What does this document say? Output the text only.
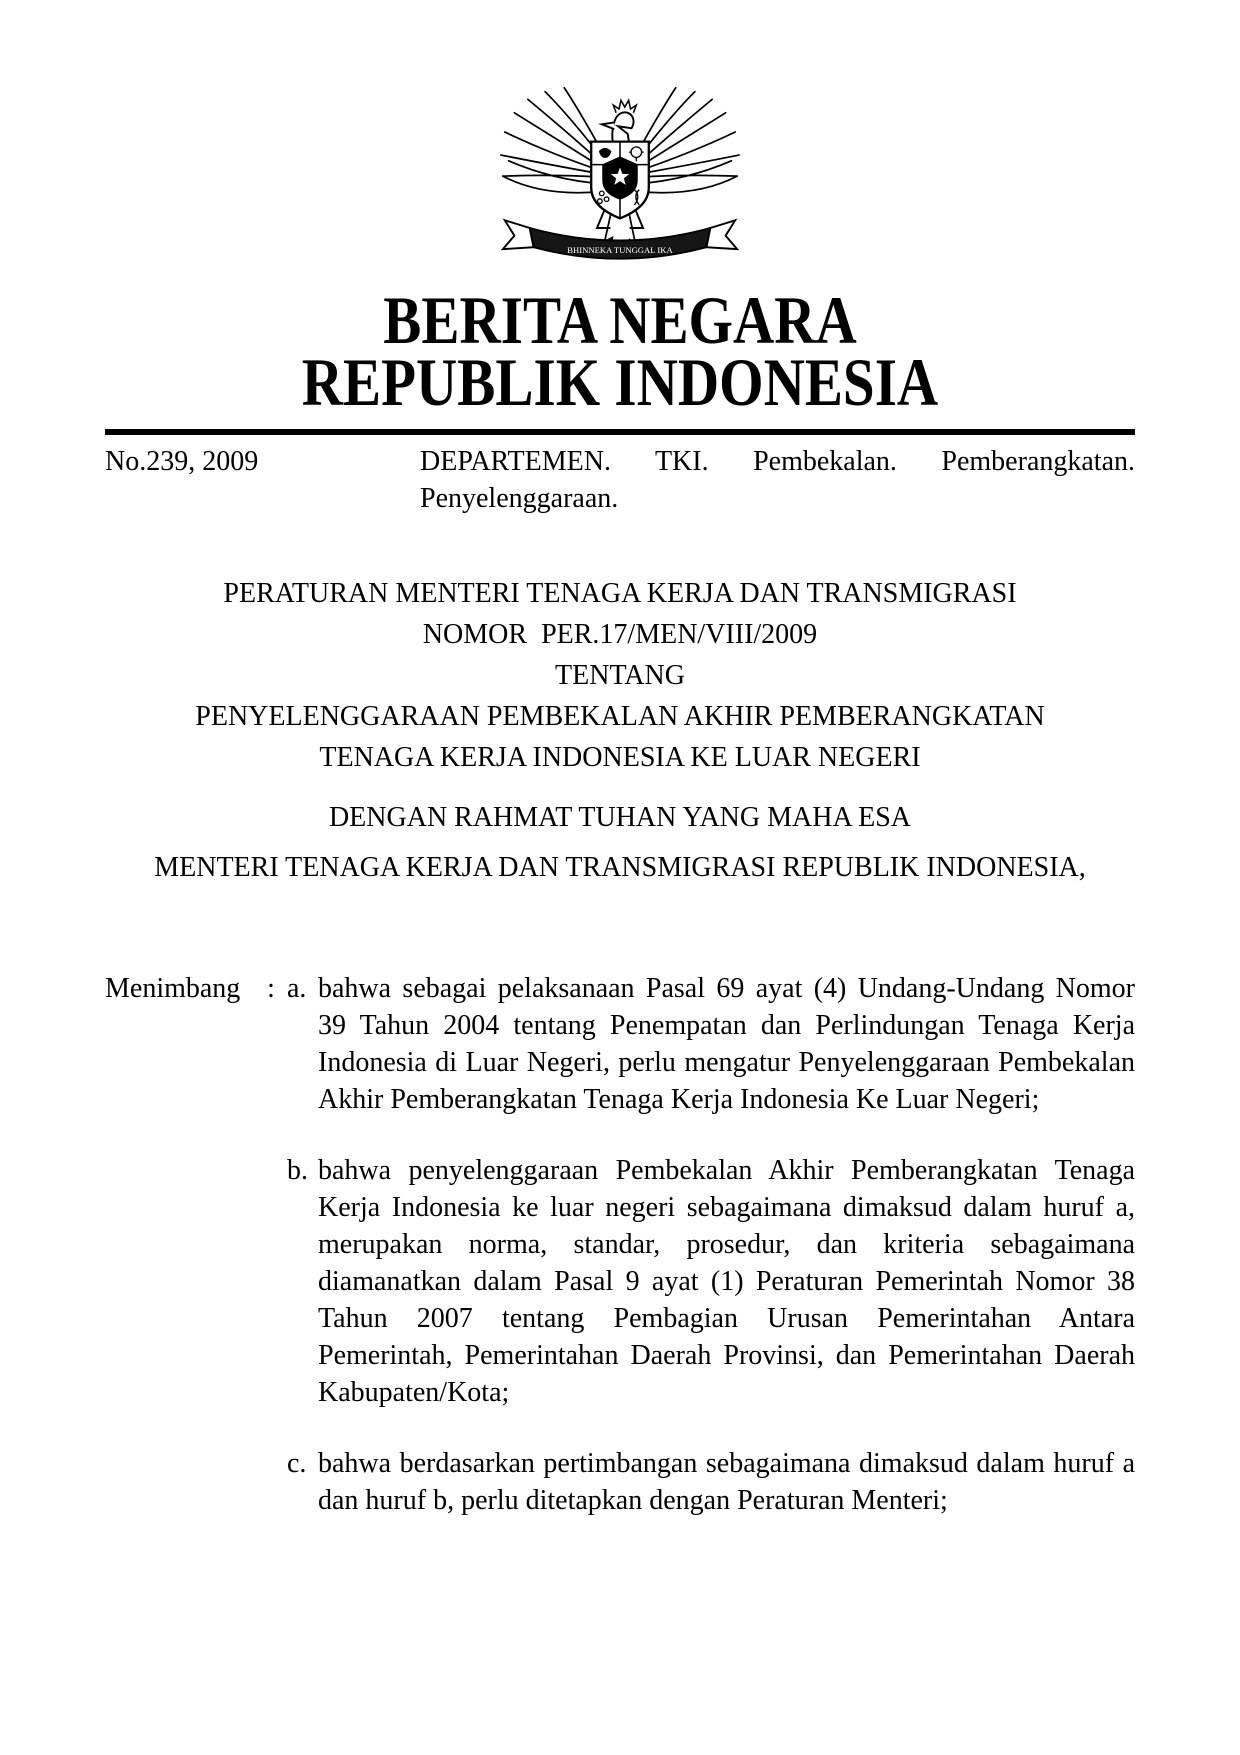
BHINNEKA TUNGGAL IKA
BERITA NEGARA
REPUBLIK INDONESIA
No.239, 2009	DEPARTEMEN. TKI. Pembekalan. Pemberangkatan. Penyelenggaraan.
PERATURAN MENTERI TENAGA KERJA DAN TRANSMIGRASI
NOMOR  PER.17/MEN/VIII/2009
TENTANG
PENYELENGGARAAN PEMBEKALAN AKHIR PEMBERANGKATAN
TENAGA KERJA INDONESIA KE LUAR NEGERI
DENGAN RAHMAT TUHAN YANG MAHA ESA
MENTERI TENAGA KERJA DAN TRANSMIGRASI REPUBLIK INDONESIA,
Menimbang : a. bahwa sebagai pelaksanaan Pasal 69 ayat (4) Undang-Undang Nomor 39 Tahun 2004 tentang Penempatan dan Perlindungan Tenaga Kerja Indonesia di Luar Negeri, perlu mengatur Penyelenggaraan Pembekalan Akhir Pemberangkatan Tenaga Kerja Indonesia Ke Luar Negeri;
b. bahwa penyelenggaraan Pembekalan Akhir Pemberangkatan Tenaga Kerja Indonesia ke luar negeri sebagaimana dimaksud dalam huruf a, merupakan norma, standar, prosedur, dan kriteria sebagaimana diamanatkan dalam Pasal 9 ayat (1) Peraturan Pemerintah Nomor 38 Tahun 2007 tentang Pembagian Urusan Pemerintahan Antara Pemerintah, Pemerintahan Daerah Provinsi, dan Pemerintahan Daerah Kabupaten/Kota;
c. bahwa berdasarkan pertimbangan sebagaimana dimaksud dalam huruf a dan huruf b, perlu ditetapkan dengan Peraturan Menteri;
